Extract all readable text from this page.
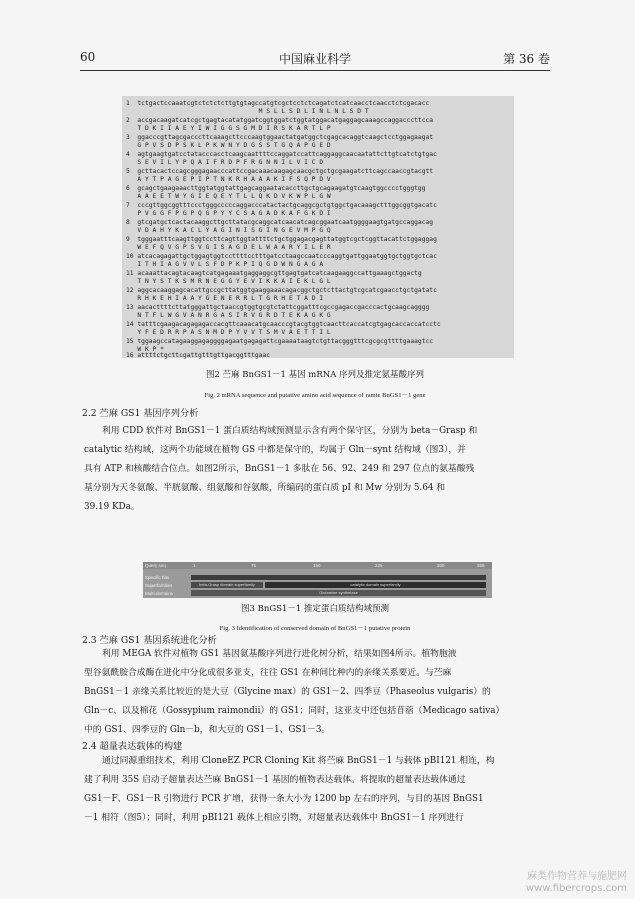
60	中国麻业科学	第 36 卷
1  tctgactccaaatcgtctctctcttgtgtagccatgtcgctcctctcagatctcatcaacctcaacctctcgacacc
M S L L S D L I N L N L S D T
2  accgacaagatcatcgctgagtacatatggatcggtggatctggtatggacatgaggagcaaagccaggacccttcca
T D K I I A E Y I W I G G S G M D I R S K A R T L P
3  ggacccgttagcgacccttcaaagcttcccaagtggaactatgatggctcgagcacaggtcaagctcctggagaagat
G P V S D P S K L P K W N Y D G S S T G Q A P G E D
4  agtgaagtgatcctatacccacctcaagcaattttccaggatccattcaggaggcaacaatattcttgtcatctgtgac
S E V I L Y P Q A I F R D P F R G N N I L V I C D
5  gcttacactccagcgggagaacccattccgacaaacaagagcaacgctgctgcgaagatcttcagccaaccgtacgtt
A Y T P A G E P I P T N K R H A A A K I F S Q P D V
6  gcagctgaagaaacttggtatggtattgagcaggaatacaccttgctgcagaagatgtcaagtggcccctgggtgg
A A E E T W Y G I E Q E Y T L L Q K D V K W P L G W
7  cccgttggcggtttccctgggcccccaggacccatactactgcaggcgctgtggctgacaaagctttggcggtgacatc
P V G G F P G P Q G P Y Y C S A G A D K A F G K D I
8  gtcgatgctcactacaaggcttgcttatacgcaggcatcaacatcagcggaatcaatggggaagtgatgccaggacag
V D A H Y K A C L Y A G I N I S G I N G E V M P G Q
9  tgggaatttcaagttggtccttcagttggtattttctgctggagacgagttatggtcgctcggttacattctggaggag
W E F Q V G P S V G I S A G D E L W A A R Y I L E R
10 atcacagagattgctggagtggtccttttcctttgatcctaagccaatcccaggtgattggaatggtgctggtgctcac
I T H I A G V V L S F D P K P I Q G D W N G A G A
11 acaaattacagtacaagtcatgagaaatgaggaggcgttgagtgatcatcaagaaggccattgaaagctggactg
T N Y S T K S M R N E G G Y E V I K K A I E K L G L
12 aggcacaaggagcacattgccgcttatggtgaaggaaacagacggctgctcttactgtcgcatcgaacctgctgatatc
R H K E H I A A Y G E N E R R L T G R H E T A D I
13 aacacttttcttatgggattgctaaccgtggtgcgtctattcggatttcgccgagaccgacccactgcaagcagggg
N T F L W G V A N R G A S I R V G R D T E K A G K G
14 tatttcgaagacagagagaccacgttcaaacatgcaacccgtacgtggtcaacttcaccatcgtgagcaccaccatcctc
Y F E D R R P A S N M D P Y V V T S M V A E T T I L
15 tggaagccatagaaggagaggggagaatgagagattcgaaaataagtctgttacgggtttcgcgcgttttgaaagtcc
W K P *
16 attttctgcttcgattgtttgttgacggtttgaac
图2 苎麻 BnGS1－1 基因 mRNA 序列及推定氨基酸序列
Fig. 2 mRNA sequence and putative amino acid sequence of ramie BnGS1－1 gene
2.2 苎麻 GS1 基因序列分析
利用 CDD 软件对 BnGS1－1 蛋白质结构域预测显示含有两个保守区，分别为 beta－Grasp 和
catalytic 结构域，这两个功能域在植物 GS 中都是保守的，均属于 Gln－synt 结构域（图3），并
具有 ATP 和核酸结合位点。如图2所示，BnGS1－1 多肽在 56、92、249 和 297 位点的氨基酸残
基分别为天冬氨酸、半胱氨酸、组氨酸和谷氨酸，所编码的蛋白质 pI 和 Mw 分别为 5.64 和
39.19 KDa。
Query seq.	1	75	150	225	300	356
Specific hits
Superfamilies
Multi-domains
beta-Grasp domain superfamily	catalytic domain superfamily
Glutamine synthetase
图3 BnGS1－1 推定蛋白质结构域预测
Fig. 3 Identification of conserved domain of BnGS1－1 putative protein
2.3 苎麻 GS1 基因系统进化分析
利用 MEGA 软件对植物 GS1 基因氨基酸序列进行进化树分析，结果如图4所示。植物胞液
型谷氨酰胺合成酶在进化中分化成很多亚支，往往 GS1 在种间比种内的亲缘关系要近。与苎麻
BnGS1－1 亲缘关系比较近的是大豆（Glycine max）的 GS1－2、四季豆（Phaseolus vulgaris）的
Gln－c、以及棉花（Gossypium raimondii）的 GS1；同时，这亚支中还包括苜蓿（Medicago sativa）
中的 GS1、四季豆的 Gln－b，和大豆的 GS1－1、GS1－3。
2.4 超量表达载体的构建
通过同源重组技术，利用 CloneEZ PCR Cloning Kit 将苎麻 BnGS1－1 与载体 pBI121 相连，构
建了利用 35S 启动子超量表达苎麻 BnGS1－1 基因的植物表达载体。将提取的超量表达载体通过
GS1－F、GS1－R 引物进行 PCR 扩增，获得一条大小为 1200 bp 左右的序列，与目的基因 BnGS1
－1 相符（图5）；同时，利用 pBI121 载体上相应引物，对超量表达载体中 BnGS1－1 序列进行
麻类作物营养与施肥网
www.fibercrops.com
